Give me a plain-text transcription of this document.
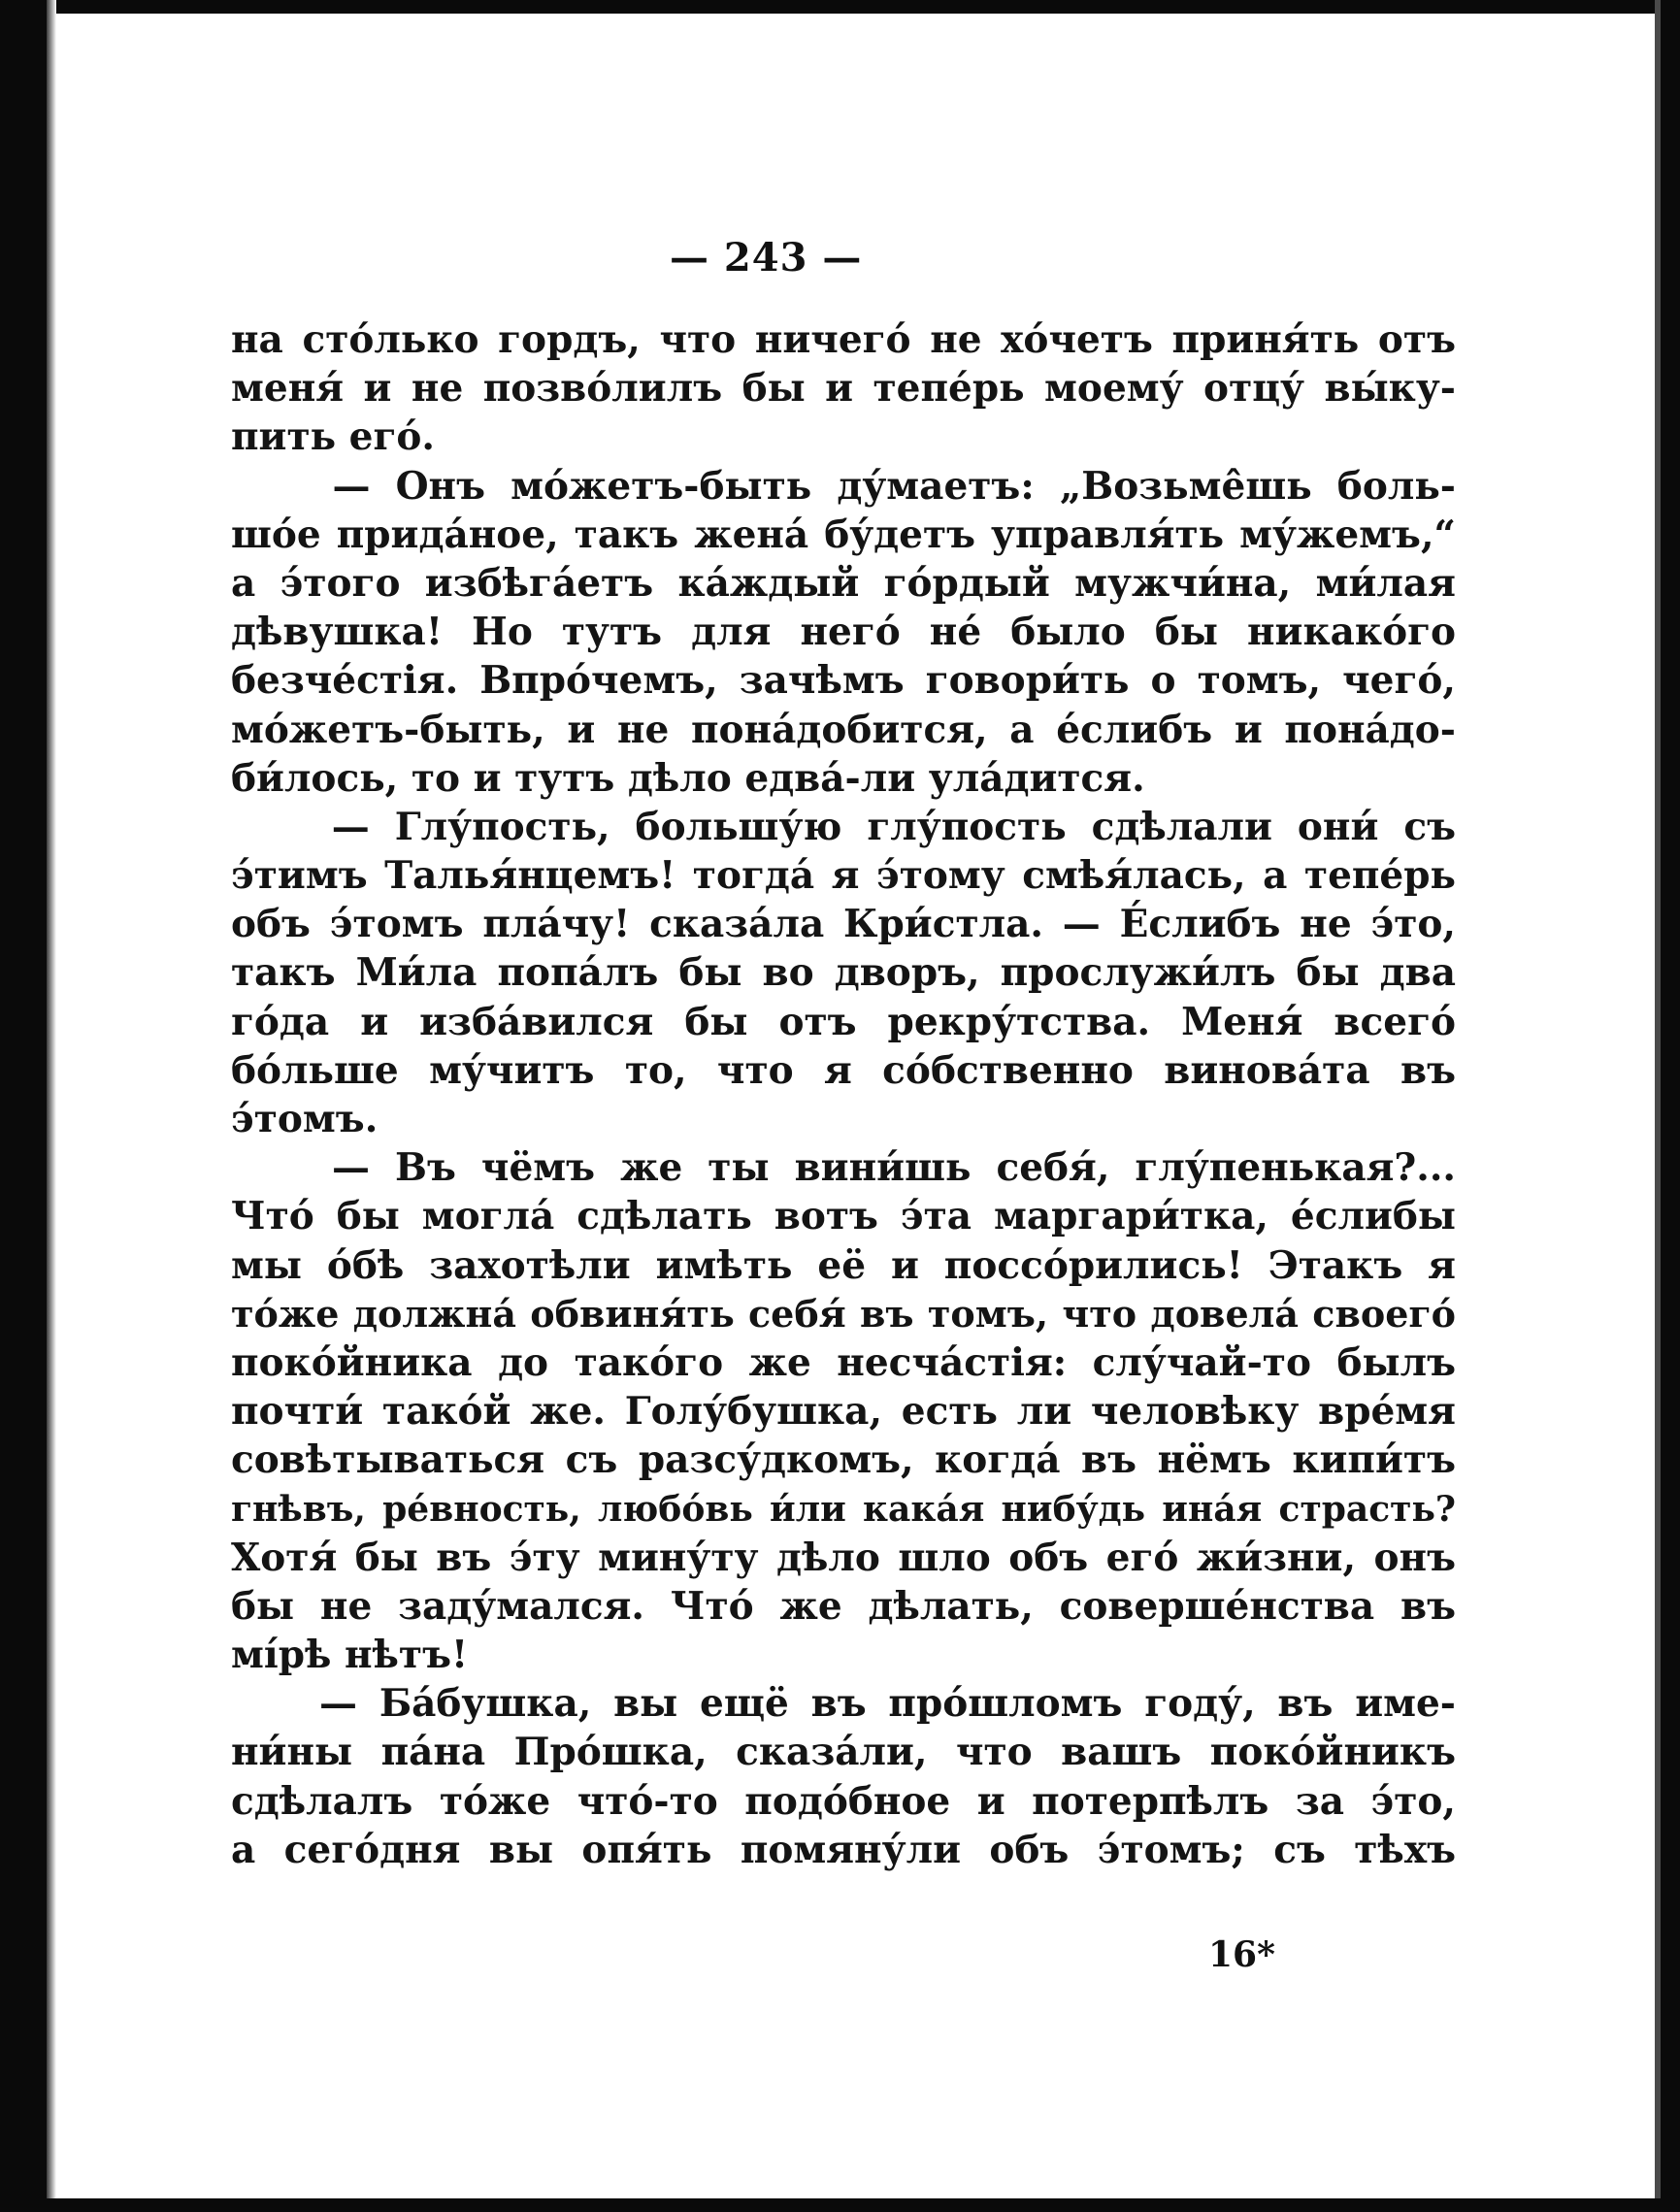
— 243 —
на сто́лько гордъ, что ничего́ не хо́четъ приня́ть отъ
меня́ и не позво́лилъ бы и тепе́рь моему́ отцу́ вы́ку-
пить его́.
— Онъ мо́жетъ-быть ду́маетъ: „Возьме̂шь боль-
шо́е прида́ное, такъ жена́ бу́детъ управля́ть му́жемъ,“
а э́того избѣга́етъ ка́ждый го́рдый мужчи́на, ми́лая
дѣвушка! Но тутъ для него́ не́ было бы никако́го
безче́стія. Впро́чемъ, зачѣмъ говори́ть о томъ, чего́,
мо́жетъ-быть, и не пона́добится, а е́слибъ и пона́до-
би́лось, то и тутъ дѣло едва́-ли ула́дится.
— Глу́пость, большу́ю глу́пость сдѣлали они́ съ
э́тимъ Талья́нцемъ! тогда́ я э́тому смѣя́лась, а тепе́рь
объ э́томъ пла́чу! сказа́ла Кри́стла. — Е́слибъ не э́то,
такъ Ми́ла попа́лъ бы во дворъ, прослужи́лъ бы два
го́да и изба́вился бы отъ рекру́тства. Меня́ всего́
бо́льше му́читъ то, что я со́бственно винова́та въ
э́томъ.
— Въ чёмъ же ты вини́шь себя́, глу́пенькая?...
Что́ бы могла́ сдѣлать вотъ э́та маргари́тка, е́слибы
мы о́бѣ захотѣли имѣть её и поссо́рились! Этакъ я
то́же должна́ обвиня́ть себя́ въ томъ, что довела́ своего́
поко́йника до тако́го же несча́стія: слу́чай-то былъ
почти́ тако́й же. Голу́бушка, есть ли человѣку вре́мя
совѣтываться съ разсу́дкомъ, когда́ въ нёмъ кипи́тъ
гнѣвъ, ре́вность, любо́вь и́ли кака́я нибу́дь ина́я страсть?
Хотя́ бы въ э́ту мину́ту дѣло шло объ его́ жи́зни, онъ
бы не заду́мался. Что́ же дѣлать, соверше́нства въ
мі́рѣ нѣтъ!
— Ба́бушка, вы ещё въ про́шломъ году́, въ име-
ни́ны па́на Про́шка, сказа́ли, что вашъ поко́йникъ
сдѣлалъ то́же что́-то подо́бное и потерпѣлъ за э́то,
а сего́дня вы опя́ть помяну́ли объ э́томъ; съ тѣхъ
16*
